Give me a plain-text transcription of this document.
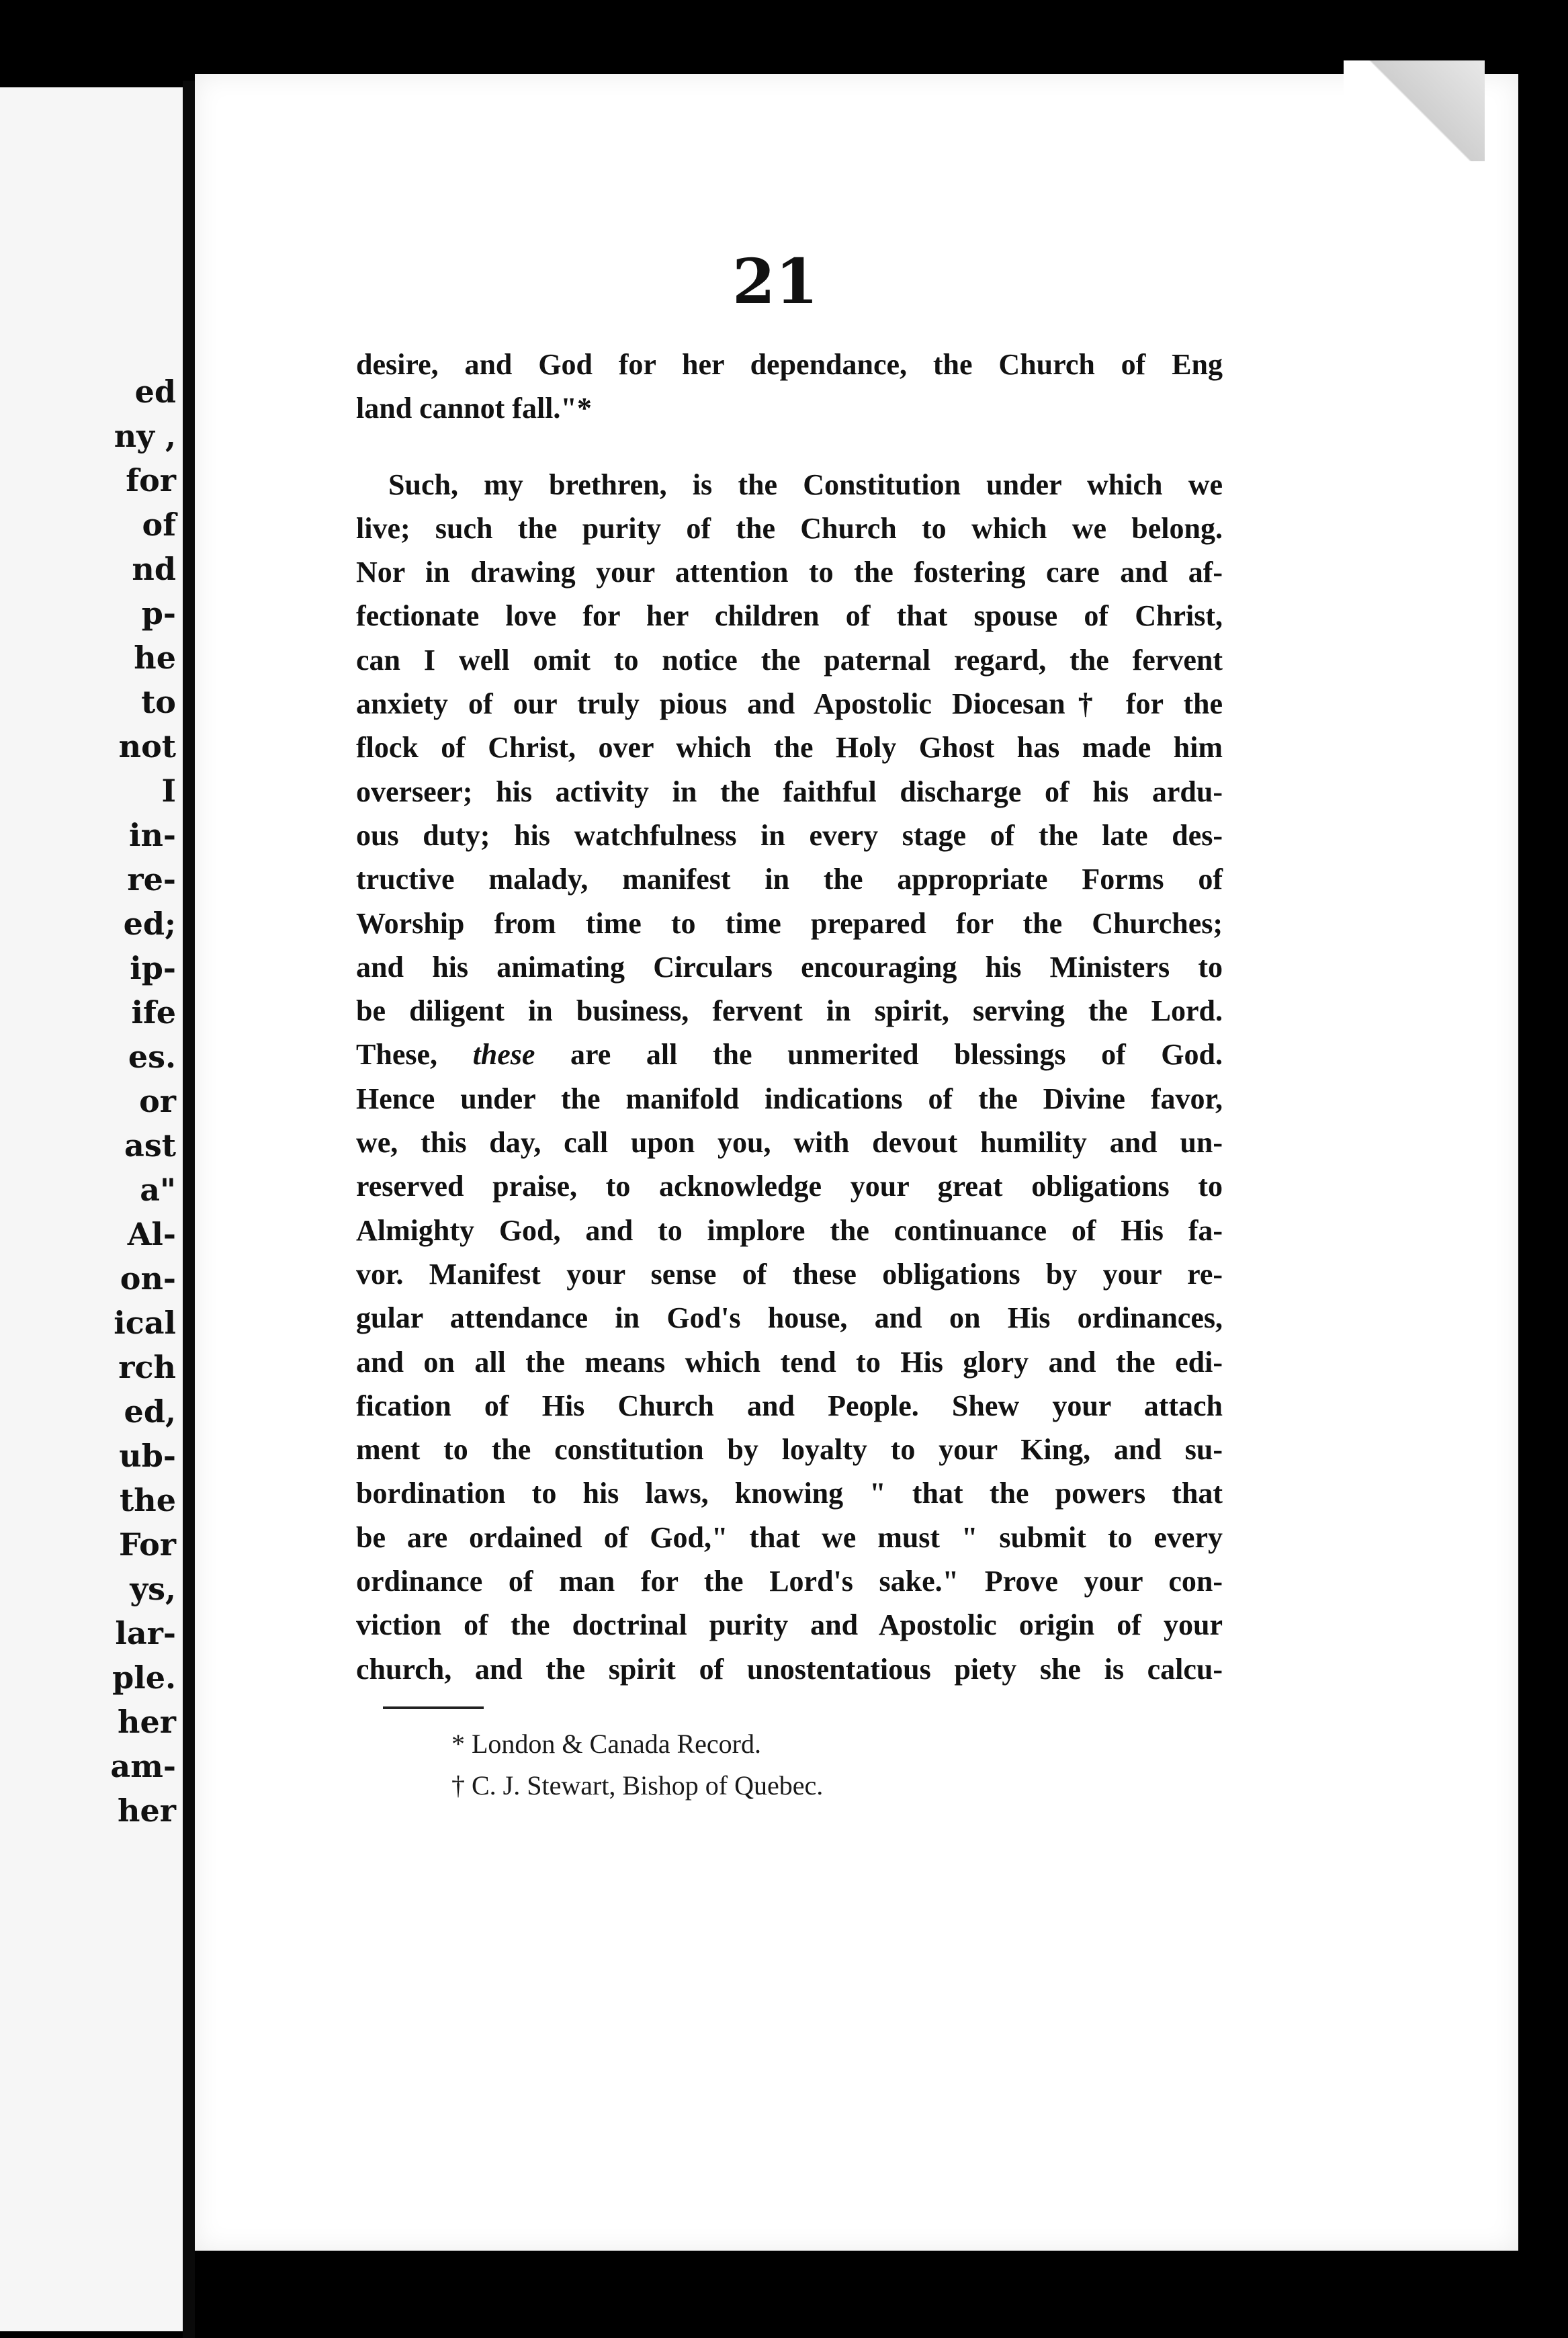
ed
ny ,
for
of
nd
p-
he
to
not
I
in-
re-
ed;
ip-
ife
es.
or
ast
a"
Al-
on-
ical
rch
ed,
ub-
the
For
ys,
lar-
ple.
her
am-
her
21
desire, and God for her dependance, the Church of Eng
land cannot fall."*
Such, my brethren, is the Constitution under which we
live; such the purity of the Church to which we belong.
Nor in drawing your attention to the fostering care and af-
fectionate love for her children of that spouse of Christ,
can I well omit to notice the paternal regard, the fervent
anxiety of our truly pious and Apostolic Diocesan† for the
flock of Christ, over which the Holy Ghost has made him
overseer; his activity in the faithful discharge of his ardu-
ous duty; his watchfulness in every stage of the late des-
tructive malady, manifest in the appropriate Forms of
Worship from time to time prepared for the Churches;
and his animating Circulars encouraging his Ministers to
be diligent in business, fervent in spirit, serving the Lord.
These, these are all the unmerited blessings of God.
Hence under the manifold indications of the Divine favor,
we, this day, call upon you, with devout humility and un-
reserved praise, to acknowledge your great obligations to
Almighty God, and to implore the continuance of His fa-
vor. Manifest your sense of these obligations by your re-
gular attendance in God's house, and on His ordinances,
and on all the means which tend to His glory and the edi-
fication of His Church and People. Shew your attach
ment to the constitution by loyalty to your King, and su-
bordination to his laws, knowing " that the powers that
be are ordained of God," that we must " submit to every
ordinance of man for the Lord's sake." Prove your con-
viction of the doctrinal purity and Apostolic origin of your
church, and the spirit of unostentatious piety she is calcu-
* London & Canada Record.
† C. J. Stewart, Bishop of Quebec.
